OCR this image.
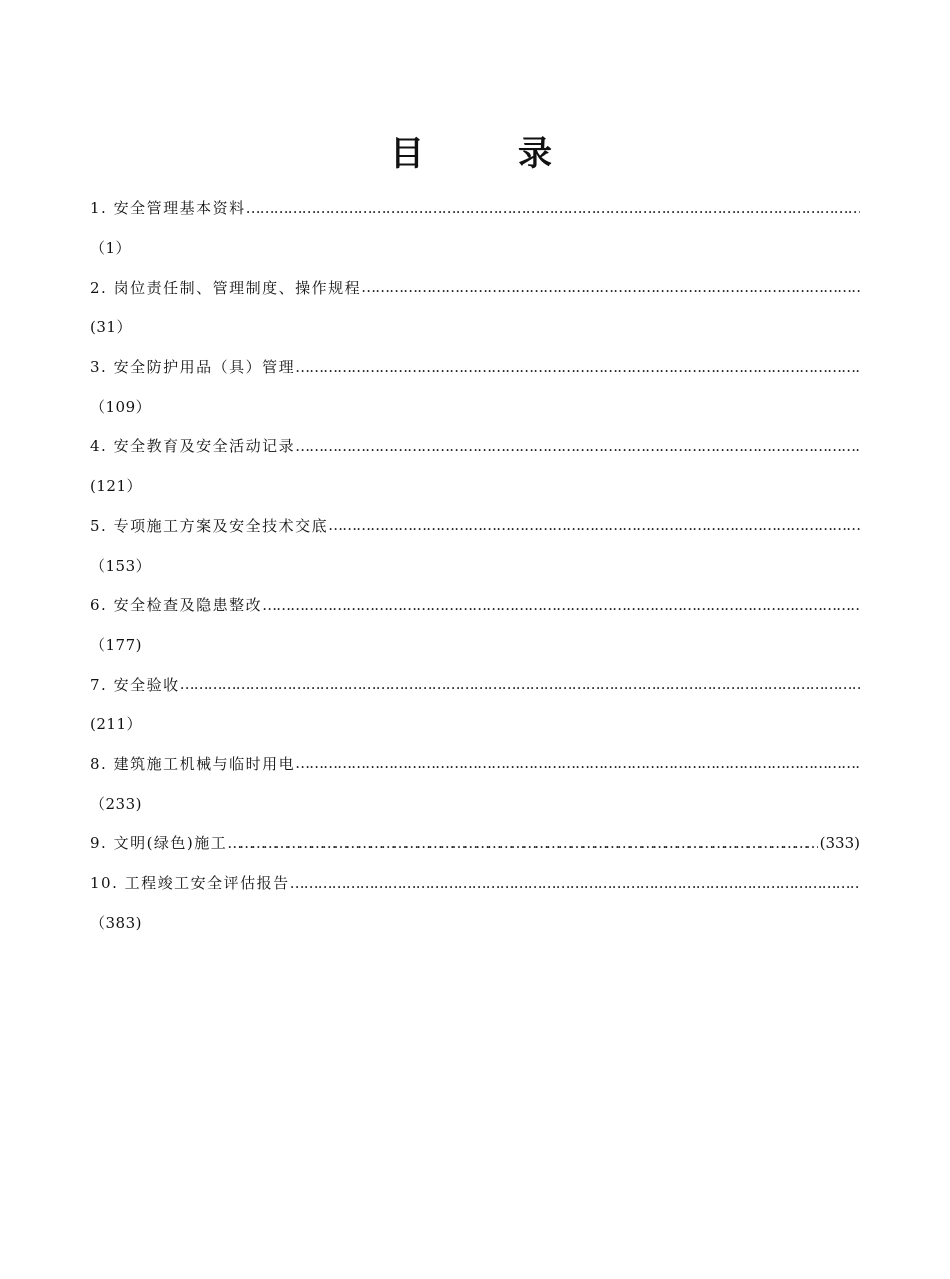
目　录
1. 安全管理基本资料
…………………………………………………………………………………………………………………………………………………………………………………………………………………………………………………………
（1）
2. 岗位责任制、管理制度、操作规程
…………………………………………………………………………………………………………………………………………………………………………………………………………………………………………………………
(31）
3. 安全防护用品（具）管理
…………………………………………………………………………………………………………………………………………………………………………………………………………………………………………………………
（109）
4. 安全教育及安全活动记录
…………………………………………………………………………………………………………………………………………………………………………………………………………………………………………………………
(121）
5. 专项施工方案及安全技术交底
…………………………………………………………………………………………………………………………………………………………………………………………………………………………………………………………
（153）
6. 安全检查及隐患整改
…………………………………………………………………………………………………………………………………………………………………………………………………………………………………………………………
（177)
7. 安全验收
…………………………………………………………………………………………………………………………………………………………………………………………………………………………………………………………
(211）
8. 建筑施工机械与临时用电
…………………………………………………………………………………………………………………………………………………………………………………………………………………………………………………………
（233)
9. 文明(绿色)施工
…………………………………………………………………………………………………………………………………………………………………………………………………………………………………………………………	(333)
10. 工程竣工安全评估报告
…………………………………………………………………………………………………………………………………………………………………………………………………………………………………………………………
（383)
